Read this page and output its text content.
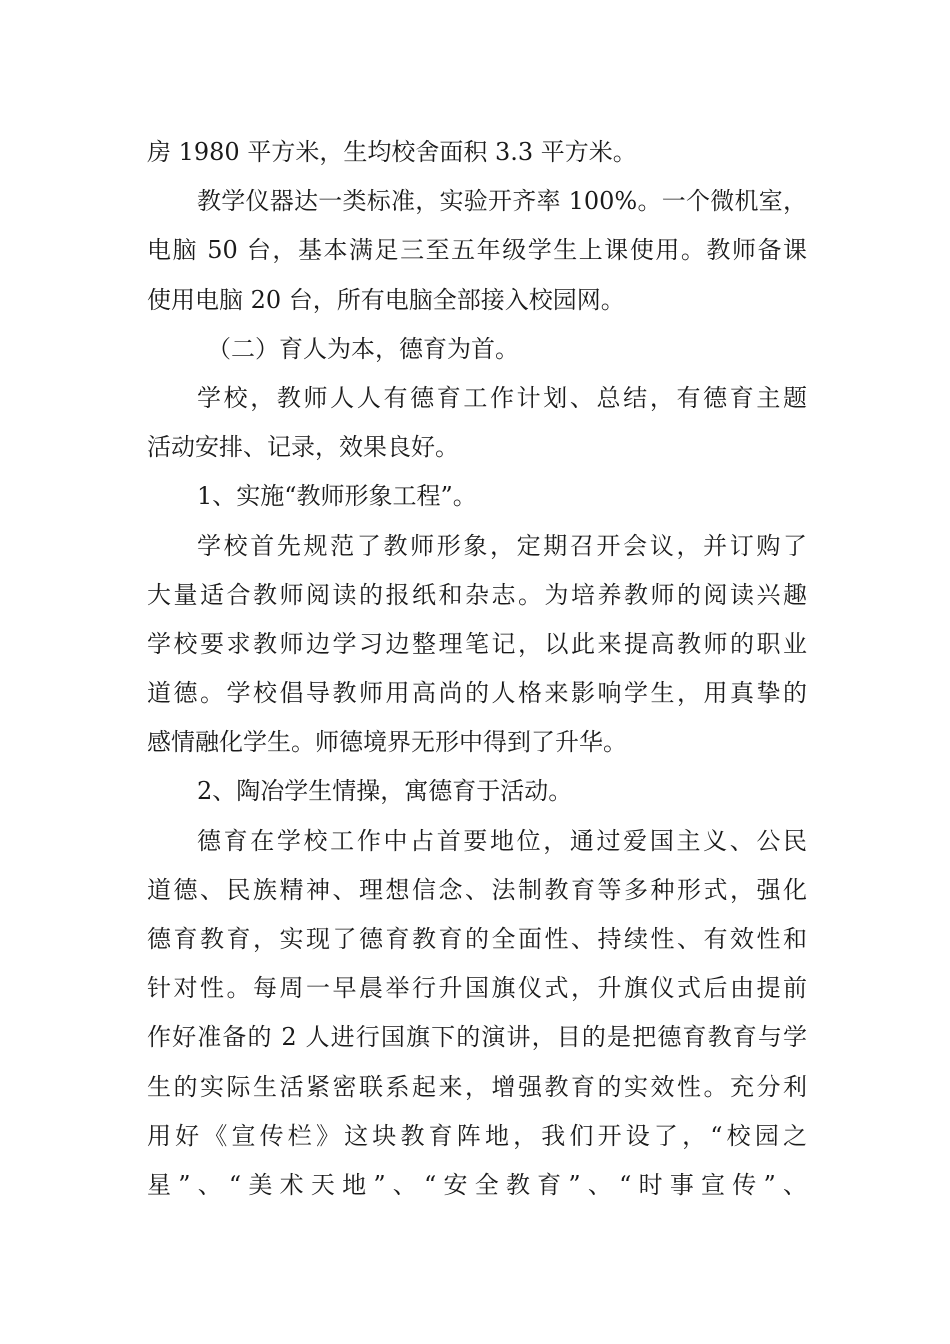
房 1980 平方米，生均校舍面积 3.3 平方米。
教学仪器达一类标准，实验开齐率 100%。一个微机室，
电脑 50 台，基本满足三至五年级学生上课使用。教师备课
使用电脑 20 台，所有电脑全部接入校园网。
（二）育人为本，德育为首。
学校，教师人人有德育工作计划、总结，有德育主题
活动安排、记录，效果良好。
1、实施“教师形象工程”。
学校首先规范了教师形象，定期召开会议，并订购了
大量适合教师阅读的报纸和杂志。为培养教师的阅读兴趣
学校要求教师边学习边整理笔记，以此来提高教师的职业
道德。学校倡导教师用高尚的人格来影响学生，用真挚的
感情融化学生。师德境界无形中得到了升华。
2、陶冶学生情操，寓德育于活动。
德育在学校工作中占首要地位，通过爱国主义、公民
道德、民族精神、理想信念、法制教育等多种形式，强化
德育教育，实现了德育教育的全面性、持续性、有效性和
针对性。每周一早晨举行升国旗仪式，升旗仪式后由提前
作好准备的 2 人进行国旗下的演讲，目的是把德育教育与学
生的实际生活紧密联系起来，增强教育的实效性。充分利
用好《宣传栏》这块教育阵地，我们开设了，“校园之
星”、“美术天地”、“安全教育”、“时事宣传”、
